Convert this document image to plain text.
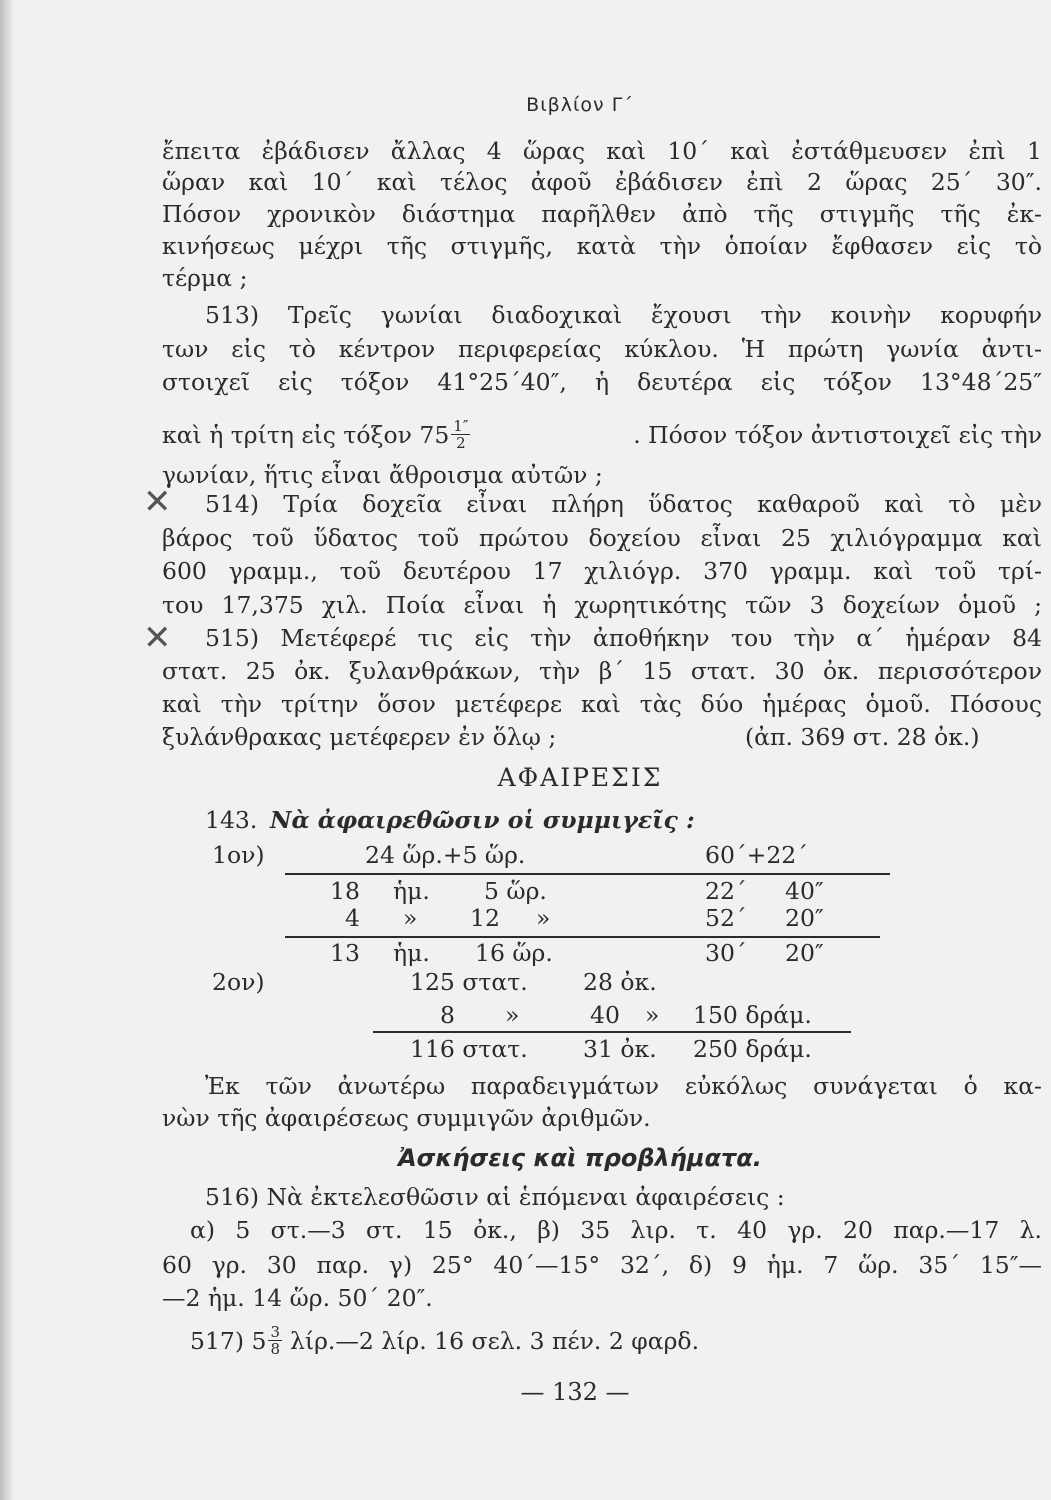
Βιβλίον Γ΄
ἔπειτα ἐβάδισεν ἄλλας 4 ὥρας καὶ 10΄ καὶ ἐστάθμευσεν ἐπὶ 1
ὥραν καὶ 10΄ καὶ τέλος ἀφοῦ ἐβάδισεν ἐπὶ 2 ὥρας 25΄ 30″.
Πόσον χρονικὸν διάστημα παρῆλθεν ἀπὸ τῆς στιγμῆς τῆς ἐκ-
κινήσεως μέχρι τῆς στιγμῆς, κατὰ τὴν ὁποίαν ἔφθασεν εἰς τὸ
τέρμα ;
513) Τρεῖς γωνίαι διαδοχικαὶ ἔχουσι τὴν κοινὴν κορυφήν
των εἰς τὸ κέντρον περιφερείας κύκλου. Ἡ πρώτη γωνία ἀντι-
στοιχεῖ εἰς τόξον 41°25΄40″, ἡ δευτέρα εἰς τόξον 13°48΄25″
καὶ ἡ τρίτη εἰς τόξον $75 \frac{1''}{2}$	. Πόσον τόξον ἀντιστοιχεῖ εἰς τὴν
γωνίαν, ἥτις εἶναι ἄθροισμα αὐτῶν ;
✕ 514) Τρία δοχεῖα εἶναι πλήρη ὕδατος καθαροῦ καὶ τὸ μὲν
βάρος τοῦ ὕδατος τοῦ πρώτου δοχείου εἶναι 25 χιλιόγραμμα καὶ
600 γραμμ., τοῦ δευτέρου 17 χιλιόγρ. 370 γραμμ. καὶ τοῦ τρί-
του 17,375 χιλ. Ποία εἶναι ἡ χωρητικότης τῶν 3 δοχείων ὁμοῦ ;
✕ 515) Μετέφερέ τις εἰς τὴν ἀποθήκην του τὴν α΄ ἡμέραν 84
στατ. 25 ὀκ. ξυλανθράκων, τὴν β΄ 15 στατ. 30 ὀκ. περισσότερον
καὶ τὴν τρίτην ὅσον μετέφερε καὶ τὰς δύο ἡμέρας ὁμοῦ. Πόσους
ξυλάνθρακας μετέφερεν ἐν ὅλῳ ;	(ἀπ. 369 στ. 28 ὀκ.)
ΑΦΑΙΡΕΣΙΣ
143. Νὰ ἀφαιρεθῶσιν οἱ συμμιγεῖς :
1ον)	24 ὥρ.+5 ὥρ.	60΄+22΄
18 ἡμ. 5 ὥρ.	22΄ 40″
4 » 12 »	52΄ 20″
13 ἡμ. 16 ὥρ.	30΄ 20″
2ον)	125 στατ. 28 ὀκ.
8 »	40 » 150 δράμ.
116 στατ. 31 ὀκ. 250 δράμ.
Ἐκ τῶν ἀνωτέρω παραδειγμάτων εὐκόλως συνάγεται ὁ κα-
νὼν τῆς ἀφαιρέσεως συμμιγῶν ἀριθμῶν.
Ἀσκήσεις καὶ προβλήματα.
516) Νὰ ἐκτελεσθῶσιν αἱ ἑπόμεναι ἀφαιρέσεις :
α) 5 στ.—3 στ. 15 ὀκ., β) 35 λιρ. τ. 40 γρ. 20 παρ.—17 λ.
60 γρ. 30 παρ. γ) 25° 40΄—15° 32΄, δ) 9 ἡμ. 7 ὥρ. 35΄ 15″—
—2 ἡμ. 14 ὥρ. 50΄ 20″.
517) $5 \frac{3}{8}$ λίρ.—2 λίρ. 16 σελ. 3 πέν. 2 φαρδ.
— 132 —
